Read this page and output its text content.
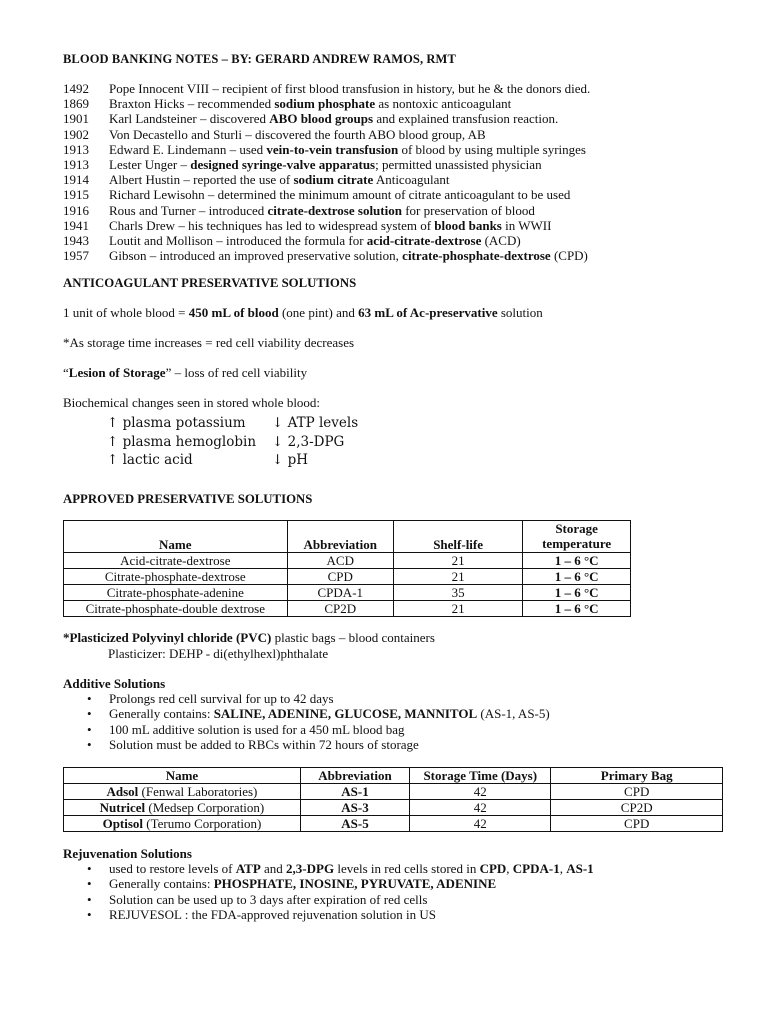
BLOOD BANKING NOTES – BY: GERARD ANDREW RAMOS, RMT
1492	Pope Innocent VIII – recipient of first blood transfusion in history, but he & the donors died.
1869	Braxton Hicks – recommended sodium phosphate as nontoxic anticoagulant
1901	Karl Landsteiner – discovered ABO blood groups and explained transfusion reaction.
1902	Von Decastello and Sturli – discovered the fourth ABO blood group, AB
1913	Edward E. Lindemann – used vein-to-vein transfusion of blood by using multiple syringes
1913	Lester Unger – designed syringe-valve apparatus; permitted unassisted physician
1914	Albert Hustin – reported the use of sodium citrate Anticoagulant
1915	Richard Lewisohn – determined the minimum amount of citrate anticoagulant to be used
1916	Rous and Turner – introduced citrate-dextrose solution for preservation of blood
1941	Charls Drew – his techniques has led to widespread system of blood banks in WWII
1943	Loutit and Mollison – introduced the formula for acid-citrate-dextrose (ACD)
1957	Gibson – introduced an improved preservative solution, citrate-phosphate-dextrose (CPD)
ANTICOAGULANT PRESERVATIVE SOLUTIONS

1 unit of whole blood = 450 mL of blood (one pint) and 63 mL of Ac-preservative solution

*As storage time increases = red cell viability decreases

“Lesion of Storage” – loss of red cell viability

Biochemical changes seen in stored whole blood:

↑ plasma potassium	↓ ATP levels
↑ plasma hemoglobin	↓ 2,3-DPG
↑ lactic acid	↓ pH
APPROVED PRESERVATIVE SOLUTIONS
Name	Abbreviation	Shelf-life	Storage temperature
Acid-citrate-dextrose	ACD	21	1 – 6 °C
Citrate-phosphate-dextrose	CPD	21	1 – 6 °C
Citrate-phosphate-adenine	CPDA-1	35	1 – 6 °C
Citrate-phosphate-double dextrose	CP2D	21	1 – 6 °C

*Plasticized Polyvinyl chloride (PVC) plastic bags – blood containers

Plasticizer: DEHP - di(ethylhexl)phthalate

Additive Solutions
• Prolongs red cell survival for up to 42 days
• Generally contains: SALINE, ADENINE, GLUCOSE, MANNITOL (AS-1, AS-5)
• 100 mL additive solution is used for a 450 mL blood bag
• Solution must be added to RBCs within 72 hours of storage
Name	Abbreviation	Storage Time (Days)	Primary Bag
Adsol (Fenwal Laboratories)	AS-1	42	CPD
Nutricel (Medsep Corporation)	AS-3	42	CP2D
Optisol (Terumo Corporation)	AS-5	42	CPD
Rejuvenation Solutions
• used to restore levels of ATP and 2,3-DPG levels in red cells stored in CPD, CPDA-1, AS-1
• Generally contains: PHOSPHATE, INOSINE, PYRUVATE, ADENINE
• Solution can be used up to 3 days after expiration of red cells
• REJUVESOL : the FDA-approved rejuvenation solution in US
